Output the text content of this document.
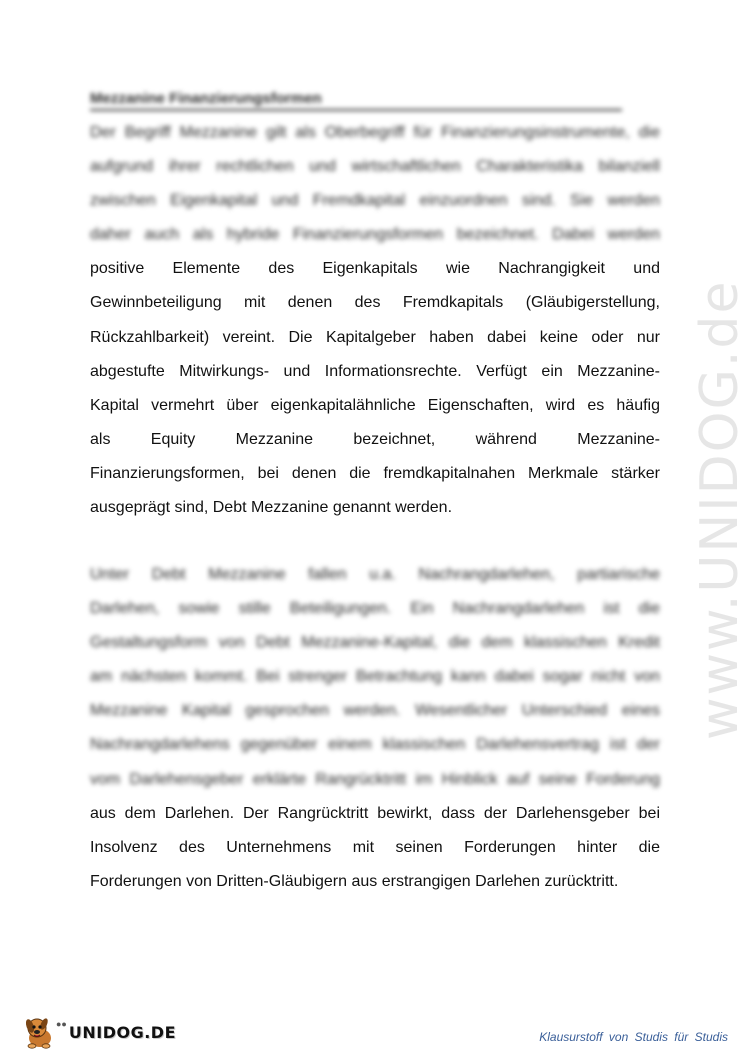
Mezzanine Finanzierungsformen
Der Begriff Mezzanine gilt als Oberbegriff für Finanzierungsinstrumente, die
aufgrund ihrer rechtlichen und wirtschaftlichen Charakteristika bilanziell
zwischen Eigenkapital und Fremdkapital einzuordnen sind. Sie werden
daher auch als hybride Finanzierungsformen bezeichnet. Dabei werden
positive Elemente des Eigenkapitals wie Nachrangigkeit und
Gewinnbeteiligung mit denen des Fremdkapitals (Gläubigerstellung,
Rückzahlbarkeit) vereint. Die Kapitalgeber haben dabei keine oder nur
abgestufte Mitwirkungs- und Informationsrechte. Verfügt ein Mezzanine-
Kapital vermehrt über eigenkapitalähnliche Eigenschaften, wird es häufig
als Equity Mezzanine bezeichnet, während Mezzanine-
Finanzierungsformen, bei denen die fremdkapitalnahen Merkmale stärker
ausgeprägt sind, Debt Mezzanine genannt werden.
Unter Debt Mezzanine fallen u.a. Nachrangdarlehen, partiarische
Darlehen, sowie stille Beteiligungen. Ein Nachrangdarlehen ist die
Gestaltungsform von Debt Mezzanine-Kapital, die dem klassischen Kredit
am nächsten kommt. Bei strenger Betrachtung kann dabei sogar nicht von
Mezzanine Kapital gesprochen werden. Wesentlicher Unterschied eines
Nachrangdarlehens gegenüber einem klassischen Darlehensvertrag ist der
vom Darlehensgeber erklärte Rangrücktritt im Hinblick auf seine Forderung
aus dem Darlehen. Der Rangrücktritt bewirkt, dass der Darlehensgeber bei
Insolvenz des Unternehmens mit seinen Forderungen hinter die
Forderungen von Dritten-Gläubigern aus erstrangigen Darlehen zurücktritt.
www.UNIDOG.de
●● UNIDOG.DE	Klausurstoff von Studis für Studis
